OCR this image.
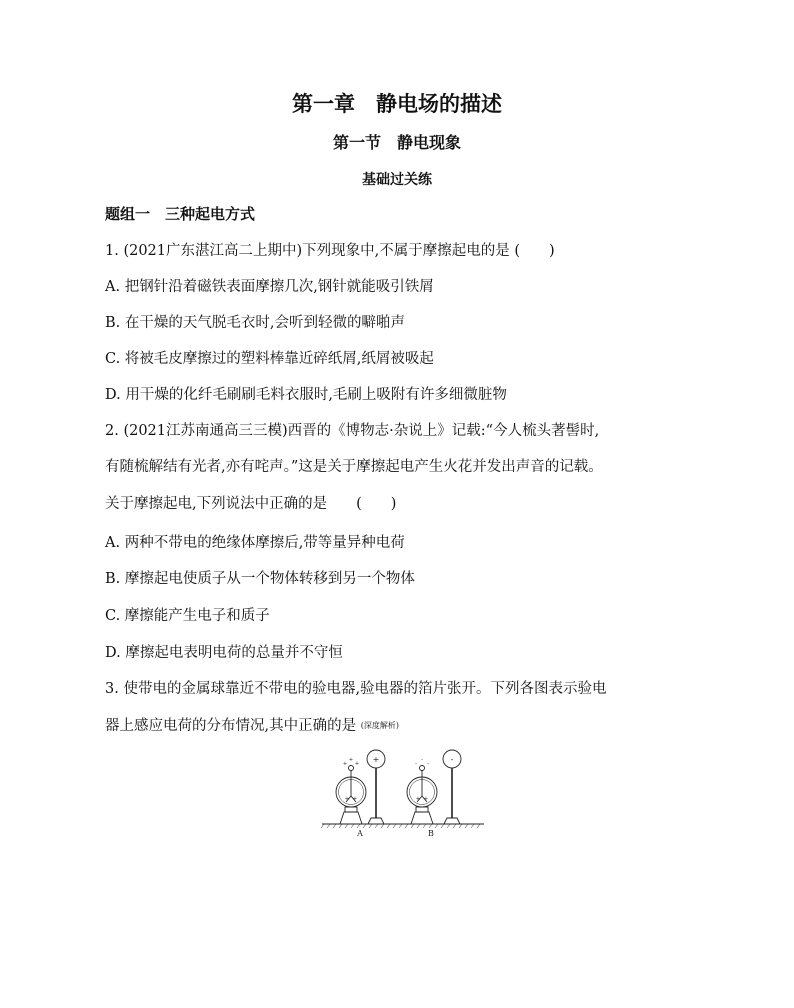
第一章　静电场的描述
第一节　静电现象
基础过关练
题组一　三种起电方式
1. (2021广东湛江高二上期中)下列现象中,不属于摩擦起电的是 (　　)
A. 把钢针沿着磁铁表面摩擦几次,钢针就能吸引铁屑
B. 在干燥的天气脱毛衣时,会听到轻微的噼啪声
C. 将被毛皮摩擦过的塑料棒靠近碎纸屑,纸屑被吸起
D. 用干燥的化纤毛刷刷毛料衣服时,毛刷上吸附有许多细微脏物
2. (2021江苏南通高三三模)西晋的《博物志·杂说上》记载:“今人梳头著髻时,
有随梳解结有光者,亦有咤声。”这是关于摩擦起电产生火花并发出声音的记载。
关于摩擦起电,下列说法中正确的是　　(　　)
A. 两种不带电的绝缘体摩擦后,带等量异种电荷
B. 摩擦起电使质子从一个物体转移到另一个物体
C. 摩擦能产生电子和质子
D. 摩擦起电表明电荷的总量并不守恒
3. 使带电的金属球靠近不带电的验电器,验电器的箔片张开。下列各图表示验电
器上感应电荷的分布情况,其中正确的是 (深度解析)
+ +
+
+ +
- -
-
+ +
+	-
A	B
